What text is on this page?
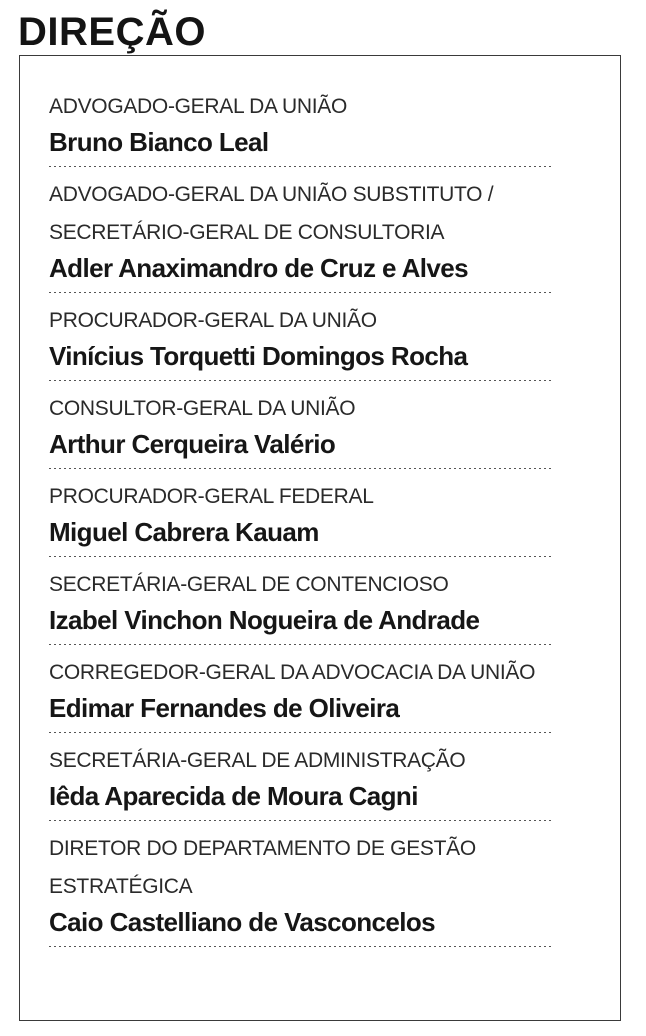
DIREÇÃO
ADVOGADO-GERAL DA UNIÃO
Bruno Bianco Leal
ADVOGADO-GERAL DA UNIÃO SUBSTITUTO / SECRETÁRIO-GERAL DE CONSULTORIA
Adler Anaximandro de Cruz e Alves
PROCURADOR-GERAL DA UNIÃO
Vinícius Torquetti Domingos Rocha
CONSULTOR-GERAL DA UNIÃO
Arthur Cerqueira Valério
PROCURADOR-GERAL FEDERAL
Miguel Cabrera Kauam
SECRETÁRIA-GERAL DE CONTENCIOSO
Izabel Vinchon Nogueira de Andrade
CORREGEDOR-GERAL DA ADVOCACIA DA UNIÃO
Edimar Fernandes de Oliveira
SECRETÁRIA-GERAL DE ADMINISTRAÇÃO
Iêda Aparecida de Moura Cagni
DIRETOR DO DEPARTAMENTO DE GESTÃO ESTRATÉGICA
Caio Castelliano de Vasconcelos
